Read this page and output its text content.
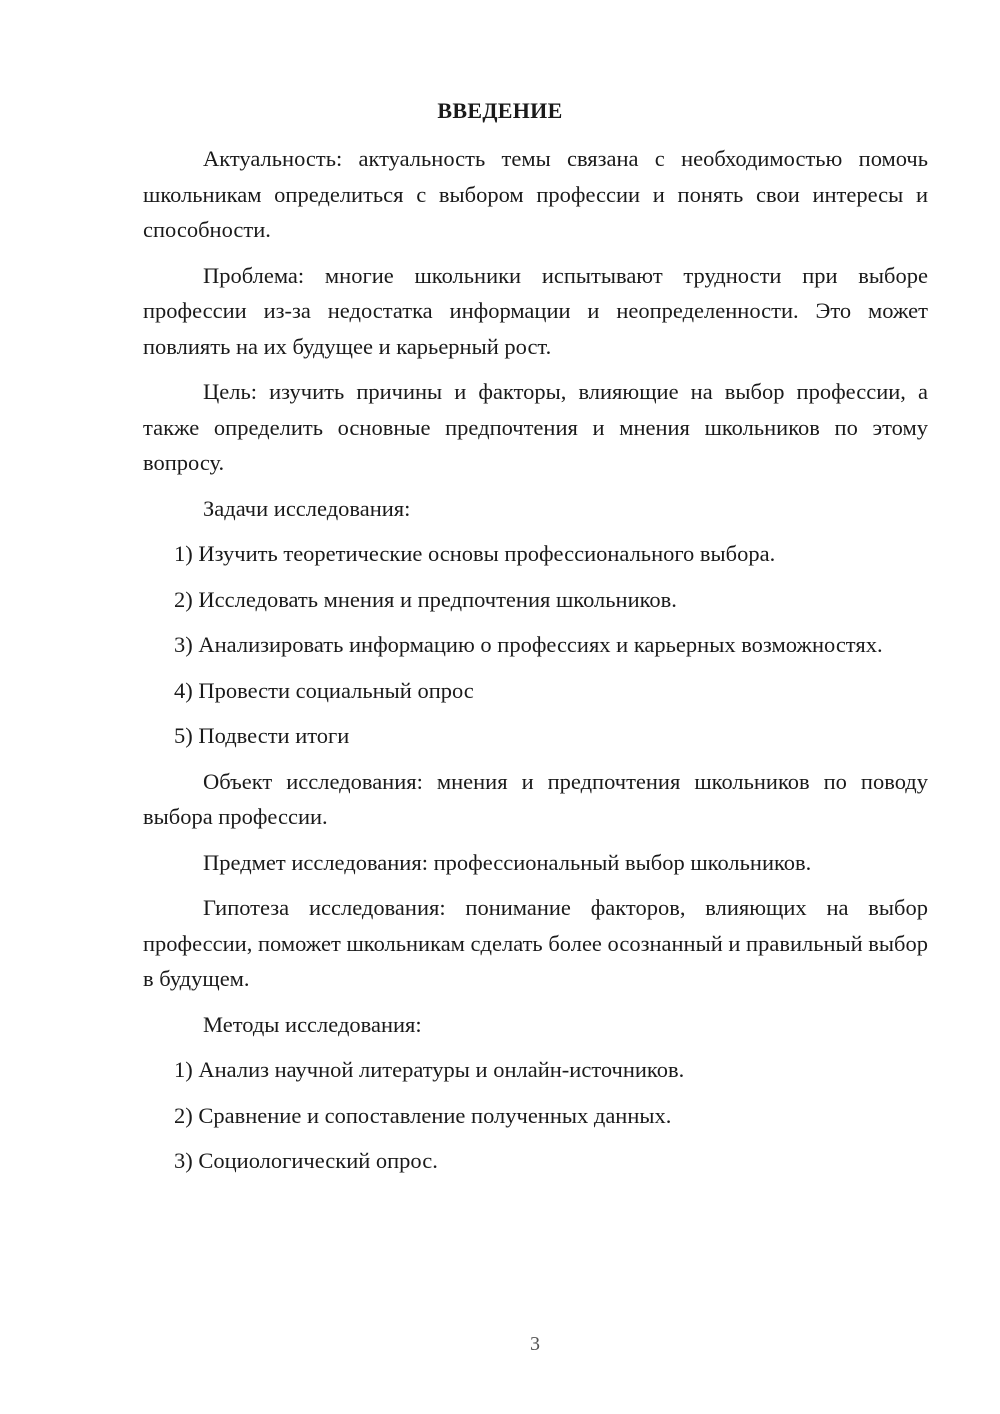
ВВЕДЕНИЕ

Актуальность: актуальность темы связана с необходимостью помочь школьникам определиться с выбором профессии и понять свои интересы и способности.

Проблема: многие школьники испытывают трудности при выборе профессии из-за недостатка информации и неопределенности. Это может повлиять на их будущее и карьерный рост.

Цель: изучить причины и факторы, влияющие на выбор профессии, а также определить основные предпочтения и мнения школьников по этому вопросу.

Задачи исследования:

1) Изучить теоретические основы профессионального выбора.

2) Исследовать мнения и предпочтения школьников.

3) Анализировать информацию о профессиях и карьерных возможностях.

4) Провести социальный опрос

5) Подвести итоги

Объект исследования: мнения и предпочтения школьников по поводу выбора профессии.

Предмет исследования: профессиональный выбор школьников.

Гипотеза исследования: понимание факторов, влияющих на выбор профессии, поможет школьникам сделать более осознанный и правильный выбор в будущем.

Методы исследования:

1) Анализ научной литературы и онлайн-источников.

2) Сравнение и сопоставление полученных данных.

3) Социологический опрос.

3
